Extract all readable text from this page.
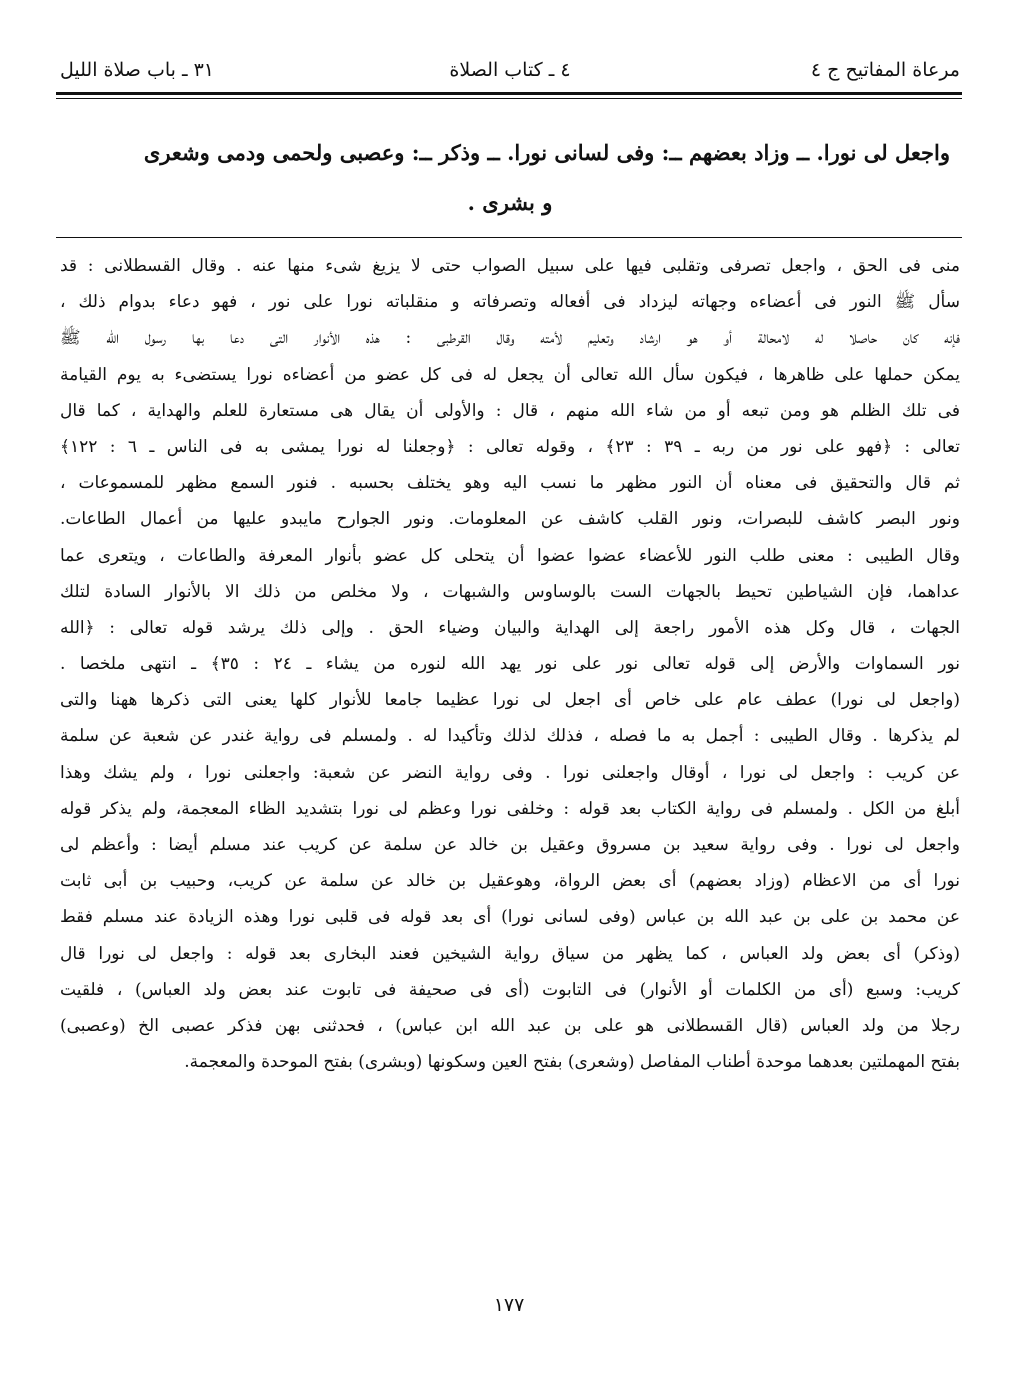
مرعاة المفاتيح ج ٤
٤ ـ كتاب الصلاة
٣١ ـ باب صلاة الليل
واجعل لى نورا. ــ وزاد بعضهم ــ: وفى لسانى نورا. ــ وذكر ــ: وعصبى ولحمى ودمى وشعرى
و بشرى .

منى فى الحق ، واجعل تصرفى وتقلبى فيها على سبيل الصواب حتى لا يزيغ شىء منها عنه . وقال القسطلانى : قد

سأل ﷺ النور فى أعضاءه وجهاته ليزداد فى أفعاله وتصرفاته و منقلباته نورا على نور ، فهو دعاء بدوام ذلك ،

فإنه كان حاصلا له لامحالة أو هو ارشاد وتعليم لأمته وقال القرطبى : هذه الأنوار التى دعا بها رسول الله ﷺ

يمكن حملها على ظاهرها ، فيكون سأل الله تعالى أن يجعل له فى كل عضو من أعضاءه نورا يستضىء به يوم القيامة

فى تلك الظلم هو ومن تبعه أو من شاء الله منهم ، قال : والأولى أن يقال هى مستعارة للعلم والهداية ، كما قال

تعالى : ﴿فهو على نور من ربه ـ ٣٩ : ٢٣﴾ ، وقوله تعالى : ﴿وجعلنا له نورا يمشى به فى الناس ـ ٦ : ١٢٢﴾

ثم قال والتحقيق فى معناه أن النور مظهر ما نسب اليه وهو يختلف بحسبه . فنور السمع مظهر للمسموعات ،

ونور البصر كاشف للبصرات، ونور القلب كاشف عن المعلومات. ونور الجوارح مايبدو عليها من أعمال الطاعات.

وقال الطيبى : معنى طلب النور للأعضاء عضوا عضوا أن يتحلى كل عضو بأنوار المعرفة والطاعات ، ويتعرى عما

عداهما، فإن الشياطين تحيط بالجهات الست بالوساوس والشبهات ، ولا مخلص من ذلك الا بالأنوار السادة لتلك

الجهات ، قال وكل هذه الأمور راجعة إلى الهداية والبيان وضياء الحق . وإلى ذلك يرشد قوله تعالى : ﴿الله

نور السماوات والأرض إلى قوله تعالى نور على نور يهد الله لنوره من يشاء ـ ٢٤ : ٣٥﴾ ـ انتهى ملخصا .

(واجعل لى نورا) عطف عام على خاص أى اجعل لى نورا عظيما جامعا للأنوار كلها يعنى التى ذكرها ههنا والتى

لم يذكرها . وقال الطيبى : أجمل به ما فصله ، فذلك لذلك وتأكيدا له . ولمسلم فى رواية غندر عن شعبة عن سلمة

عن كريب : واجعل لى نورا ، أوقال واجعلنى نورا . وفى رواية النضر عن شعبة: واجعلنى نورا ، ولم يشك وهذا

أبلغ من الكل . ولمسلم فى رواية الكتاب بعد قوله : وخلفى نورا وعظم لى نورا بتشديد الظاء المعجمة، ولم يذكر قوله

واجعل لى نورا . وفى رواية سعيد بن مسروق وعقيل بن خالد عن سلمة عن كريب عند مسلم أيضا : وأعظم لى

نورا أى من الاعظام (وزاد بعضهم) أى بعض الرواة، وهوعقيل بن خالد عن سلمة عن كريب، وحبيب بن أبى ثابت

عن محمد بن على بن عبد الله بن عباس (وفى لسانى نورا) أى بعد قوله فى قلبى نورا وهذه الزيادة عند مسلم فقط

(وذكر) أى بعض ولد العباس ، كما يظهر من سياق رواية الشيخين فعند البخارى بعد قوله : واجعل لى نورا قال

كريب: وسبع (أى من الكلمات أو الأنوار) فى التابوت (أى فى صحيفة فى تابوت عند بعض ولد العباس) ، فلقيت

رجلا من ولد العباس (قال القسطلانى هو على بن عبد الله ابن عباس) ، فحدثنى بهن فذكر عصبى الخ (وعصبى)

بفتح المهملتين بعدهما موحدة أطناب المفاصل (وشعرى) بفتح العين وسكونها (وبشرى) بفتح الموحدة والمعجمة.

١٧٧
